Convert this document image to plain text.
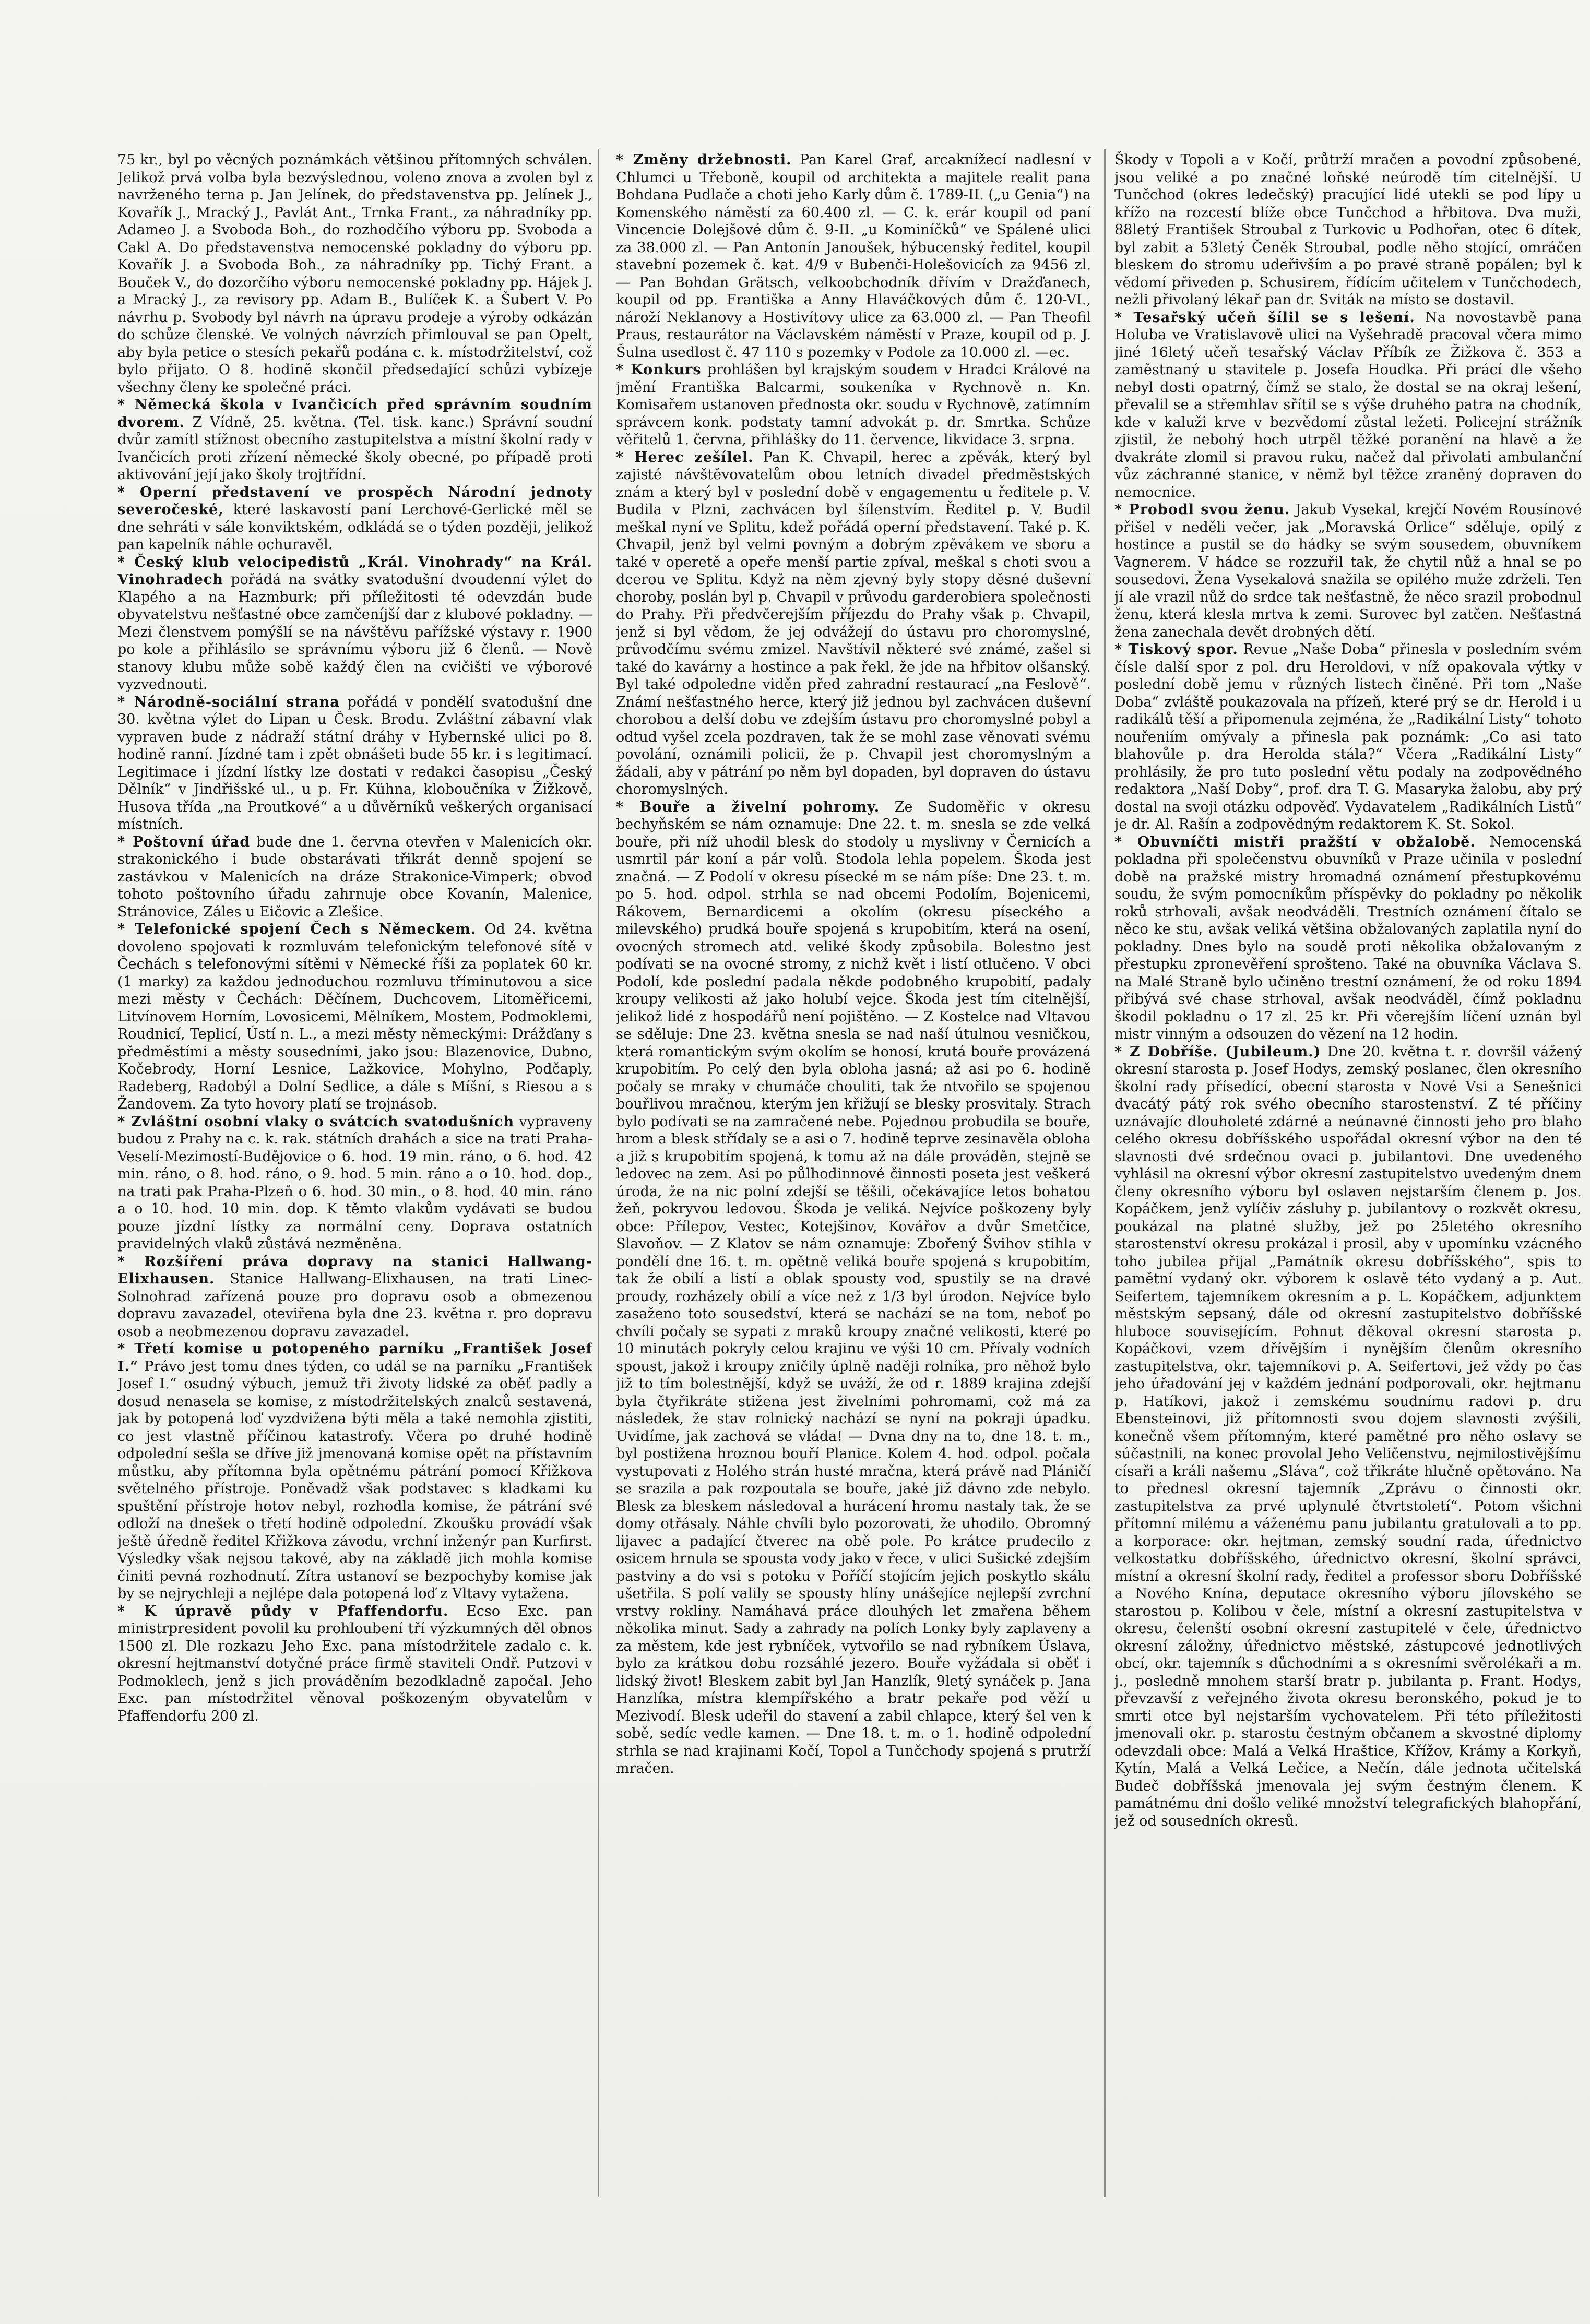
75 kr., byl po věcných poznámkách většinou přítomných schválen. Jelikož prvá volba byla bezvýslednou, voleno znova a zvolen byl z navrženého terna p. Jan Jelínek, do představenstva pp. Jelínek J., Kovařík J., Mracký J., Pavlát Ant., Trnka Frant., za náhradníky pp. Adameo J. a Svoboda Boh., do rozhodčího výboru pp. Svoboda a Cakl A. Do představenstva nemocenské pokladny do výboru pp. Kovařík J. a Svoboda Boh., za náhradníky pp. Tichý Frant. a Bouček V., do dozorčího výboru nemocenské pokladny pp. Hájek J. a Mracký J., za revisory pp. Adam B., Bulíček K. a Šubert V. Po návrhu p. Svobody byl návrh na úpravu prodeje a výroby odkázán do schůze členské. Ve volných návrzích přimlouval se pan Opelt, aby byla petice o stesích pekařů podána c. k. místodržitelství, což bylo přijato. O 8. hodině skončil předsedající schůzi vybízeje všechny členy ke společné práci.

* Německá škola v Ivančicích před správním soudním dvorem. Z Vídně, 25. května. (Tel. tisk. kanc.) Správní soudní dvůr zamítl stížnost obecního zastupitelstva a místní školní rady v Ivančicích proti zřízení německé školy obecné, po případě proti aktivování její jako školy trojtřídní.

* Operní představení ve prospěch Národní jednoty severočeské, které laskavostí paní Lerchové-Gerlické měl se dne sehráti v sále konviktském, odkládá se o týden později, jelikož pan kapelník náhle ochuravěl.

* Český klub velocipedistů „Král. Vinohrady“ na Král. Vinohradech pořádá na svátky svatodušní dvoudenní výlet do Klapého a na Hazmburk; při příležitosti té odevzdán bude obyvatelstvu nešťastné obce zamčeníjší dar z klubové pokladny. — Mezi členstvem pomýšlí se na návštěvu pařížské výstavy r. 1900 po kole a přihlásilo se správnímu výboru již 6 členů. — Nově stanovy klubu může sobě každý člen na cvičišti ve výborové vyzvednouti.

* Národně-sociální strana pořádá v pondělí svatodušní dne 30. května výlet do Lipan u Česk. Brodu. Zvláštní zábavní vlak vypraven bude z nádraží státní dráhy v Hybernské ulici po 8. hodině ranní. Jízdné tam i zpět obnášeti bude 55 kr. i s legitimací. Legitimace i jízdní lístky lze dostati v redakci časopisu „Český Dělník“ v Jindřišské ul., u p. Fr. Kühna, kloboučníka v Žižkově, Husova třída „na Proutkové“ a u důvěrníků veškerých organisací místních.

* Poštovní úřad bude dne 1. června otevřen v Malenicích okr. strakonického i bude obstarávati třikrát denně spojení se zastávkou v Malenicích na dráze Strakonice-Vimperk; obvod tohoto poštovního úřadu zahrnuje obce Kovanín, Malenice, Stránovice, Záles u Eičovic a Zlešice.

* Telefonické spojení Čech s Německem. Od 24. května dovoleno spojovati k rozmluvám telefonickým telefonové sítě v Čechách s telefonovými sítěmi v Německé říši za poplatek 60 kr. (1 marky) za každou jednoduchou rozmluvu tříminutovou a sice mezi městy v Čechách: Děčínem, Duchcovem, Litoměřicemi, Litvínovem Horním, Lovosicemi, Mělníkem, Mostem, Podmoklemi, Roudnicí, Teplicí, Ústí n. L., a mezi městy německými: Drážďany s předměstími a městy sousedními, jako jsou: Blazenovice, Dubno, Kočebrody, Horní Lesnice, Lažkovice, Mohylno, Podčaply, Radeberg, Radobýl a Dolní Sedlice, a dále s Míšní, s Riesou a s Žandovem. Za tyto hovory platí se trojnásob.

* Zvláštní osobní vlaky o svátcích svatodušních vypraveny budou z Prahy na c. k. rak. státních drahách a sice na trati Praha-Veselí-Mezimostí-Budějovice o 6. hod. 19 min. ráno, o 6. hod. 42 min. ráno, o 8. hod. ráno, o 9. hod. 5 min. ráno a o 10. hod. dop., na trati pak Praha-Plzeň o 6. hod. 30 min., o 8. hod. 40 min. ráno a o 10. hod. 10 min. dop. K těmto vlakům vydávati se budou pouze jízdní lístky za normální ceny. Doprava ostatních pravidelných vlaků zůstává nezměněna.

* Rozšíření práva dopravy na stanici Hallwang-Elixhausen. Stanice Hallwang-Elixhausen, na trati Linec-Solnohrad zařízená pouze pro dopravu osob a obmezenou dopravu zavazadel, oteviřena byla dne 23. května r. pro dopravu osob a neobmezenou dopravu zavazadel.

* Třetí komise u potopeného parníku „František Josef I.“ Právo jest tomu dnes týden, co udál se na parníku „František Josef I.“ osudný výbuch, jemuž tři životy lidské za oběť padly a dosud nenasela se komise, z místodržitelských znalců sestavená, jak by potopená loď vyzdvižena býti měla a také nemohla zjistiti, co jest vlastně příčinou katastrofy. Včera po druhé hodině odpolední sešla se dříve již jmenovaná komise opět na přístavním můstku, aby přítomna byla opětnému pátrání pomocí Křižkova světelného přístroje. Poněvadž však podstavec s kladkami ku spuštění přístroje hotov nebyl, rozhodla komise, že pátrání své odloží na dnešek o třetí hodině odpolední. Zkoušku provádí však ještě úředně ředitel Křižkova závodu, vrchní inženýr pan Kurfirst. Výsledky však nejsou takové, aby na základě jich mohla komise činiti pevná rozhodnutí. Zítra ustanoví se bezpochyby komise jak by se nejrychleji a nejlépe dala potopená loď z Vltavy vytažena.

* K úpravě půdy v Pfaffendorfu. Ecso Exc. pan ministrpresident povolil ku prohloubení tří výzkumných děl obnos 1500 zl. Dle rozkazu Jeho Exc. pana místodržitele zadalo c. k. okresní hejtmanství dotyčné práce firmě staviteli Ondř. Putzovi v Podmoklech, jenž s jich prováděním bezodkladně započal. Jeho Exc. pan místodržitel věnoval poškozeným obyvatelům v Pfaffendorfu 200 zl.

* Změny držebnosti. Pan Karel Graf, arcaknížecí nadlesní v Chlumci u Třeboně, koupil od architekta a majitele realit pana Bohdana Pudlače a choti jeho Karly dům č. 1789-II. („u Genia“) na Komenského náměstí za 60.400 zl. — C. k. erár koupil od paní Vincencie Dolejšové dům č. 9-II. „u Kominíčků“ ve Spálené ulici za 38.000 zl. — Pan Antonín Janoušek, hýbucenský ředitel, koupil stavební pozemek č. kat. 4/9 v Bubenči-Holešovicích za 9456 zl. — Pan Bohdan Grätsch, velkoobchodník dřívím v Dražďanech, koupil od pp. Františka a Anny Hlaváčkových dům č. 120-VI., nároží Neklanovy a Hostivítovy ulice za 63.000 zl. — Pan Theofil Praus, restaurátor na Václavském náměstí v Praze, koupil od p. J. Šulna usedlost č. 47 110 s pozemky v Podole za 10.000 zl. —ec.

* Konkurs prohlášen byl krajským soudem v Hradci Králové na jmění Františka Balcarmi, soukeníka v Rychnově n. Kn. Komisařem ustanoven přednosta okr. soudu v Rychnově, zatímním správcem konk. podstaty tamní advokát p. dr. Smrtka. Schůze věřitelů 1. června, přihlášky do 11. července, likvidace 3. srpna.

* Herec zešílel. Pan K. Chvapil, herec a zpěvák, který byl zajisté návštěvovatelům obou letních divadel předměstských znám a který byl v poslední době v engagementu u ředitele p. V. Budila v Plzni, zachvácen byl šílenstvím. Ředitel p. V. Budil meškal nyní ve Splitu, kdež pořádá operní představení. Také p. K. Chvapil, jenž byl velmi povným a dobrým zpěvákem ve sboru a také v operetě a opeře menší partie zpíval, meškal s choti svou a dcerou ve Splitu. Když na něm zjevný byly stopy děsné duševní choroby, poslán byl p. Chvapil v průvodu garderobiera společnosti do Prahy. Při předvčerejším příjezdu do Prahy však p. Chvapil, jenž si byl vědom, že jej odvážejí do ústavu pro choromyslné, průvodčímu svému zmizel. Navštívil některé své známé, zašel si také do kavárny a hostince a pak řekl, že jde na hřbitov olšanský. Byl také odpoledne viděn před zahradní restaurací „na Feslově“. Známí nešťastného herce, který již jednou byl zachvácen duševní chorobou a delší dobu ve zdejším ústavu pro choromyslné pobyl a odtud vyšel zcela pozdraven, tak že se mohl zase věnovati svému povolání, oznámili policii, že p. Chvapil jest choromyslným a žádali, aby v pátrání po něm byl dopaden, byl dopraven do ústavu choromyslných.

* Bouře a živelní pohromy. Ze Sudoměřic v okresu bechyňském se nám oznamuje: Dne 22. t. m. snesla se zde velká bouře, při níž uhodil blesk do stodoly u myslivny v Černicích a usmrtil pár koní a pár volů. Stodola lehla popelem. Škoda jest značná. — Z Podolí v okresu písecké m se nám píše: Dne 23. t. m. po 5. hod. odpol. strhla se nad obcemi Podolím, Bojenicemi, Rákovem, Bernardicemi a okolím (okresu píseckého a milevského) prudká bouře spojená s krupobitím, která na osení, ovocných stromech atd. veliké škody způsobila. Bolestno jest podívati se na ovocné stromy, z nichž květ i listí otlučeno. V obci Podolí, kde poslední padala někde podobného krupobití, padaly kroupy velikosti až jako holubí vejce. Škoda jest tím citelnější, jelikož lidé z hospodářů není pojištěno. — Z Kostelce nad Vltavou se sděluje: Dne 23. května snesla se nad naší útulnou vesničkou, která romantickým svým okolím se honosí, krutá bouře provázená krupobitím. Po celý den byla obloha jasná; až asi po 6. hodině počaly se mraky v chumáče chouliti, tak že ntvořilo se spojenou bouřlivou mračnou, kterým jen křižují se blesky prosvitaly. Strach bylo podívati se na zamračené nebe. Pojednou probudila se bouře, hrom a blesk střídaly se a asi o 7. hodině teprve zesinavěla obloha a již s krupobitím spojená, k tomu až na dále prováděn, stejně se ledovec na zem. Asi po půlhodinnové činnosti poseta jest veškerá úroda, že na nic polní zdejší se těšili, očekávajíce letos bohatou žeň, pokryvou ledovou. Škoda je veliká. Nejvíce poškozeny byly obce: Přílepov, Vestec, Kotejšinov, Kovářov a dvůr Smetčice, Slavoňov. — Z Klatov se nám oznamuje: Zbořený Švihov stihla v pondělí dne 16. t. m. opětně veliká bouře spojená s krupobitím, tak že obilí a listí a oblak spousty vod, spustily se na dravé proudy, rozházely obilí a více než z 1/3 byl úrodon. Nejvíce bylo zasaženo toto sousedství, která se nachází se na tom, neboť po chvíli počaly se sypati z mraků kroupy značné velikosti, které po 10 minutách pokryly celou krajinu ve výši 10 cm. Přívaly vodních spoust, jakož i kroupy zničily úplně naději rolníka, pro něhož bylo již to tím bolestnější, když se uváží, že od r. 1889 krajina zdejší byla čtyřikráte stižena jest živelními pohromami, což má za následek, že stav rolnický nachází se nyní na pokraji úpadku. Uvidíme, jak zachová se vláda! — Dvna dny na to, dne 18. t. m., byl postižena hroznou bouří Planice. Kolem 4. hod. odpol. počala vystupovati z Holého strán husté mračna, která právě nad Pláničí se srazila a pak rozpoutala se bouře, jaké již dávno zde nebylo. Blesk za bleskem následoval a hurácení hromu nastaly tak, že se domy otřásaly. Náhle chvíli bylo pozorovati, že uhodilo. Obromný lijavec a padající čtverec na obě pole. Po krátce prudecilo z osicem hrnula se spousta vody jako v řece, v ulici Sušické zdejším pastviny a do vsi s potoku v Poříčí stojícím jejich poskytlo skálu ušetřila. S polí valily se spousty hlíny unášejíce nejlepší zvrchní vrstvy rokliny. Namáhavá práce dlouhých let zmařena během několika minut. Sady a zahrady na polích Lonky byly zaplaveny a za městem, kde jest rybníček, vytvořilo se nad rybníkem Úslava, bylo za krátkou dobu rozsáhlé jezero. Bouře vyžádala si oběť i lidský život! Bleskem zabit byl Jan Hanzlík, 9letý synáček p. Jana Hanzlíka, místra klempířského a bratr pekaře pod věží u Mezivodí. Blesk udeřil do stavení a zabil chlapce, který šel ven k sobě, sedíc vedle kamen. — Dne 18. t. m. o 1. hodině odpolední strhla se nad krajinami Kočí, Topol a Tunčchody spojená s prutrží mračen.

Škody v Topoli a v Kočí, průtrží mračen a povodní způsobené, jsou veliké a po značné loňské neúrodě tím citelnější. U Tunčchod (okres ledečský) pracující lidé utekli se pod lípy u křížo na rozcestí blíže obce Tunčchod a hřbitova. Dva muži, 88letý František Stroubal z Turkovic u Podhořan, otec 6 dítek, byl zabit a 53letý Čeněk Stroubal, podle něho stojící, omráčen bleskem do stromu udeřivším a po pravé straně popálen; byl k vědomí přiveden p. Schusirem, řídícím učitelem v Tunčchodech, nežli přivolaný lékař pan dr. Sviták na místo se dostavil.

* Tesařský učeň šílil se s lešení. Na novostavbě pana Holuba ve Vratislavově ulici na Vyšehradě pracoval včera mimo jiné 16letý učeň tesařský Václav Příbík ze Žižkova č. 353 a zaměstnaný u stavitele p. Josefa Houdka. Při prácí dle všeho nebyl dosti opatrný, čímž se stalo, že dostal se na okraj lešení, převalil se a střemhlav sřítil se s výše druhého patra na chodník, kde v kaluži krve v bezvědomí zůstal ležeti. Policejní strážník zjistil, že nebohý hoch utrpěl těžké poranění na hlavě a že dvakráte zlomil si pravou ruku, načež dal přivolati ambulanční vůz záchranné stanice, v němž byl těžce zraněný dopraven do nemocnice.

* Probodl svou ženu. Jakub Vysekal, krejčí Novém Rousínové přišel v neděli večer, jak „Moravská Orlice“ sděluje, opilý z hostince a pustil se do hádky se svým sousedem, obuvníkem Vagnerem. V hádce se rozzuřil tak, že chytil nůž a hnal se po sousedovi. Žena Vysekalová snažila se opilého muže zdrželi. Ten jí ale vrazil nůž do srdce tak nešťastně, že něco srazil probodnul ženu, která klesla mrtva k zemi. Surovec byl zatčen. Nešťastná žena zanechala devět drobných dětí.

* Tiskový spor. Revue „Naše Doba“ přinesla v posledním svém čísle další spor z pol. dru Heroldovi, v níž opakovala výtky v poslední době jemu v různých listech činěné. Při tom „Naše Doba“ zvláště poukazovala na přízeň, které prý se dr. Herold i u radikálů těší a připomenula zejména, že „Radikální Listy“ tohoto nouřeniím omývaly a přinesla pak poznámk: „Co asi tato blahovůle p. dra Herolda stála?“ Včera „Radikální Listy“ prohlásily, že pro tuto poslední větu podaly na zodpovědného redaktora „Naší Doby“, prof. dra T. G. Masaryka žalobu, aby prý dostal na svoji otázku odpověď. Vydavatelem „Radikálních Listů“ je dr. Al. Rašín a zodpovědným redaktorem K. St. Sokol.

* Obuvníčti mistři pražští v obžalobě. Nemocenská pokladna při společenstvu obuvníků v Praze učinila v poslední době na pražské mistry hromadná oznámení přestupkovému soudu, že svým pomocníkům příspěvky do pokladny po několik roků strhovali, avšak neodváděli. Trestních oznámení čítalo se něco ke stu, avšak veliká většina obžalovaných zaplatila nyní do pokladny. Dnes bylo na soudě proti několika obžalovaným z přestupku zpronevěření sprošteno. Také na obuvníka Václava S. na Malé Straně bylo učiněno trestní oznámení, že od roku 1894 přibývá své chase strhoval, avšak neodváděl, čímž pokladnu škodil pokladnu o 17 zl. 25 kr. Při včerejším líčení uznán byl mistr vinným a odsouzen do vězení na 12 hodin.

* Z Dobříše. (Jubileum.) Dne 20. května t. r. dovršil vážený okresní starosta p. Josef Hodys, zemský poslanec, člen okresního školní rady přísedící, obecní starosta v Nové Vsi a Senešnici dvacátý pátý rok svého obecního starostenství. Z té příčiny uznávajíc dlouholeté zdárné a neúnavné činnosti jeho pro blaho celého okresu dobříšského uspořádal okresní výbor na den té slavnosti dvé srdečnou ovaci p. jubilantovi. Dne uvedeného vyhlásil na okresní výbor okresní zastupitelstvo uvedeným dnem členy okresního výboru byl oslaven nejstarším členem p. Jos. Kopáčkem, jenž vylíčiv zásluhy p. jubilantovy o rozkvět okresu, poukázal na platné služby, jež po 25letého okresního starostenství okresu prokázal i prosil, aby v upomínku vzácného toho jubilea přijal „Památník okresu dobříšského“, spis to pamětní vydaný okr. výborem k oslavě této vydaný a p. Aut. Seifertem, tajemníkem okresním a p. L. Kopáčkem, adjunktem městským sepsaný, dále od okresní zastupitelstvo dobříšské hluboce souvisejícím. Pohnut děkoval okresní starosta p. Kopáčkovi, vzem dřívějším i nynějším členům okresního zastupitelstva, okr. tajemníkovi p. A. Seifertovi, jež vždy po čas jeho úřadování jej v každém jednání podporovali, okr. hejtmanu p. Hatíkovi, jakož i zemskému soudnímu radovi p. dru Ebensteinovi, již přítomnosti svou dojem slavnosti zvýšili, konečně všem přítomným, které pamětné pro něho oslavy se súčastnili, na konec provolal Jeho Veličenstvu, nejmilostivějšímu císaři a králi našemu „Sláva“, což třikráte hlučně opětováno. Na to přednesl okresní tajemník „Zprávu o činnosti okr. zastupitelstva za prvé uplynulé čtvrtstoletí“. Potom všichni přítomní milému a váženému panu jubilantu gratulovali a to pp. a korporace: okr. hejtman, zemský soudní rada, úřednictvo velkostatku dobříšského, úřednictvo okresní, školní správci, místní a okresní školní rady, ředitel a professor sboru Dobříšské a Nového Knína, deputace okresního výboru jílovského se starostou p. Kolibou v čele, místní a okresní zastupitelstva v okresu, čelenští osobní okresní zastupitelé v čele, úřednictvo okresní záložny, úřednictvo městské, zástupcové jednotlivých obcí, okr. tajemník s důchodními a s okresními svěrolékaři a m. j., posledně mnohem starší bratr p. jubilanta p. Frant. Hodys, převzavší z veřejného života okresu beronského, pokud je to smrti otce byl nejstarším vychovatelem. Při této příležitosti jmenovali okr. p. starostu čestným občanem a skvostné diplomy odevzdali obce: Malá a Velká Hraštice, Křížov, Krámy a Korkyň, Kytín, Malá a Velká Lečice, a Nečín, dále jednota učitelská Budeč dobříšská jmenovala jej svým čestným členem. K památnému dni došlo veliké množství telegrafických blahopřání, jež od sousedních okresů.
